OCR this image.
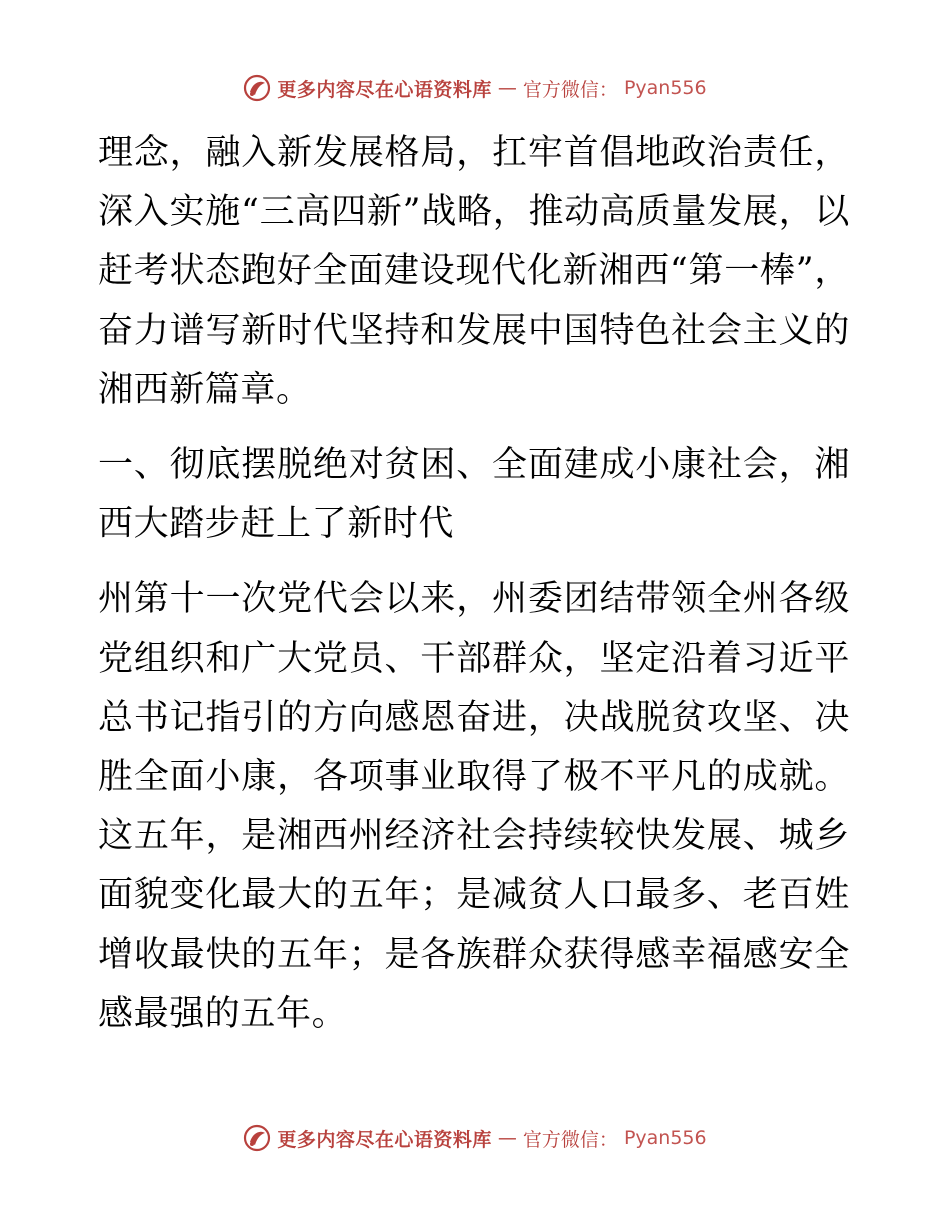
更多内容尽在心语资料库 — 官方微信： Pyan556

理念，融入新发展格局，扛牢首倡地政治责任，深入实施“三高四新”战略，推动高质量发展，以赶考状态跑好全面建设现代化新湘西“第一棒”，奋力谱写新时代坚持和发展中国特色社会主义的湘西新篇章。

一、彻底摆脱绝对贫困、全面建成小康社会，湘西大踏步赶上了新时代

州第十一次党代会以来，州委团结带领全州各级党组织和广大党员、干部群众，坚定沿着习近平总书记指引的方向感恩奋进，决战脱贫攻坚、决胜全面小康，各项事业取得了极不平凡的成就。这五年，是湘西州经济社会持续较快发展、城乡面貌变化最大的五年；是减贫人口最多、老百姓增收最快的五年；是各族群众获得感幸福感安全感最强的五年。

更多内容尽在心语资料库 — 官方微信： Pyan556
